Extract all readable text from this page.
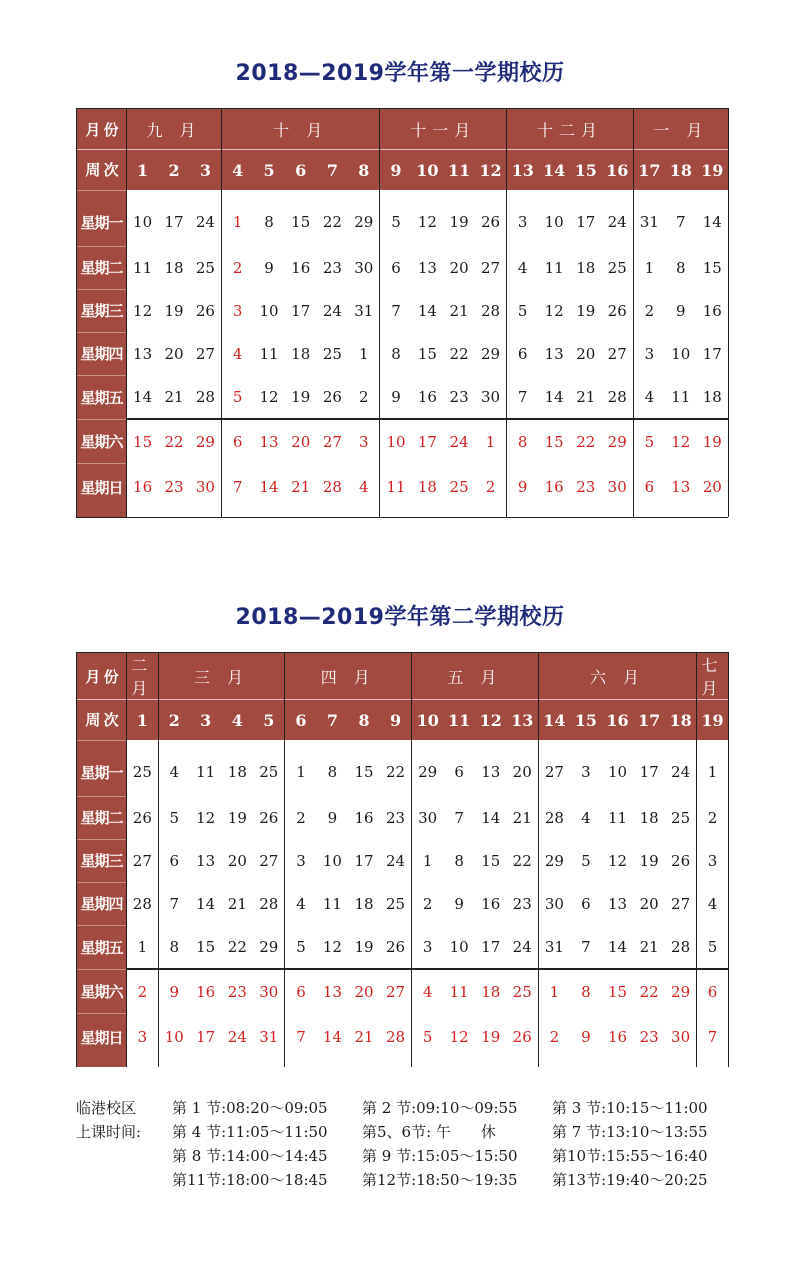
2018—2019学年第一学期校历
月 份	九 月			十 月					十一月				十二月				一 月		
周 次	1	2	3	4	5	6	7	8	9	10	11	12	13	14	15	16	17	18	19
星期一	10	17	24	1	8	15	22	29	5	12	19	26	3	10	17	24	31	7	14
星期二	11	18	25	2	9	16	23	30	6	13	20	27	4	11	18	25	1	8	15
星期三	12	19	26	3	10	17	24	31	7	14	21	28	5	12	19	26	2	9	16
星期四	13	20	27	4	11	18	25	1	8	15	22	29	6	13	20	27	3	10	17
星期五	14	21	28	5	12	19	26	2	9	16	23	30	7	14	21	28	4	11	18
星期六	15	22	29	6	13	20	27	3	10	17	24	1	8	15	22	29	5	12	19
星期日	16	23	30	7	14	21	28	4	11	18	25	2	9	16	23	30	6	13	20
2018—2019学年第二学期校历
月 份	二月	三 月				四 月				五 月				六 月					七月
周 次	1	2	3	4	5	6	7	8	9	10	11	12	13	14	15	16	17	18	19
星期一	25	4	11	18	25	1	8	15	22	29	6	13	20	27	3	10	17	24	1
星期二	26	5	12	19	26	2	9	16	23	30	7	14	21	28	4	11	18	25	2
星期三	27	6	13	20	27	3	10	17	24	1	8	15	22	29	5	12	19	26	3
星期四	28	7	14	21	28	4	11	18	25	2	9	16	23	30	6	13	20	27	4
星期五	1	8	15	22	29	5	12	19	26	3	10	17	24	31	7	14	21	28	5
星期六	2	9	16	23	30	6	13	20	27	4	11	18	25	1	8	15	22	29	6
星期日	3	10	17	24	31	7	14	21	28	5	12	19	26	2	9	16	23	30	7
临港校区	第 1 节:08:20～09:05	第 2 节:09:10～09:55	第 3 节:10:15～11:00
上课时间:	第 4 节:11:05～11:50	第5、6节: 午　　休	第 7 节:13:10～13:55
第 8 节:14:00～14:45	第 9 节:15:05～15:50	第10节:15:55～16:40
第11节:18:00～18:45	第12节:18:50～19:35	第13节:19:40～20:25
